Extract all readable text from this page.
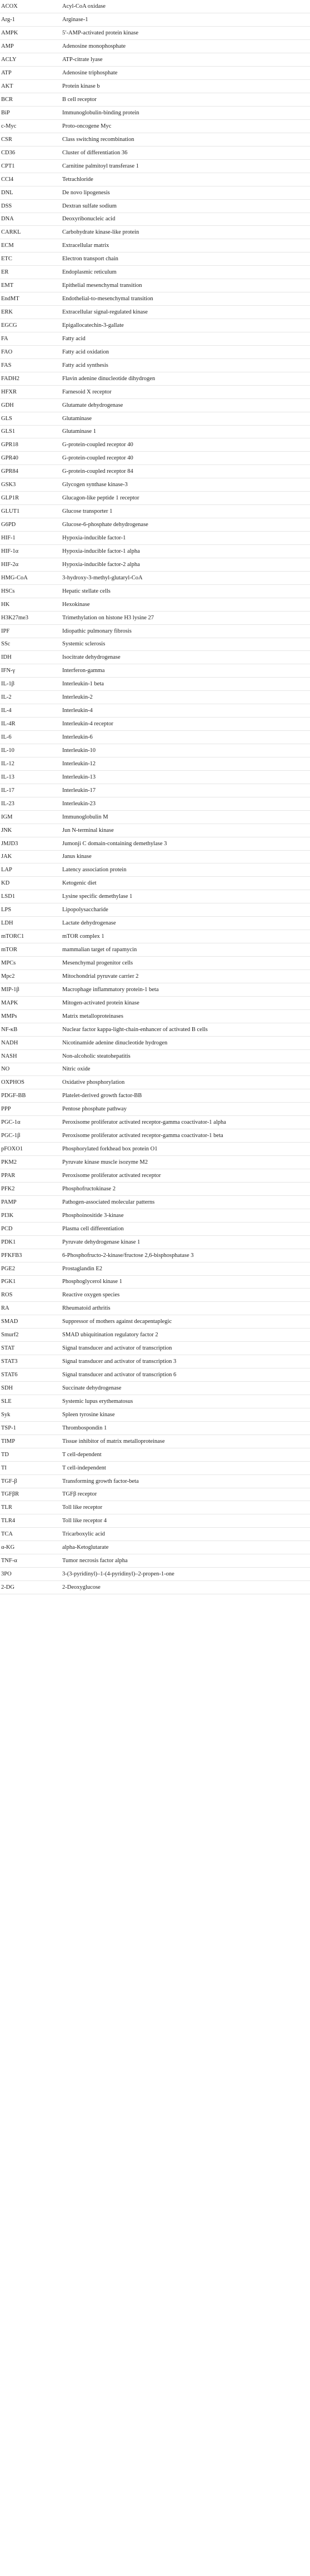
ACOX	Acyl-CoA oxidase
Arg-1	Arginase-1
AMPK	5′-AMP-activated protein kinase
AMP	Adenosine monophosphate
ACLY	ATP-citrate lyase
ATP	Adenosine triphosphate
AKT	Protein kinase b
BCR	B cell receptor
BiP	Immunoglobulin-binding protein
c-Myc	Proto-oncogene Myc
CSR	Class switching recombination
CD36	Cluster of differentiation 36
CPT1	Carnitine palmitoyl transferase 1
CCl4	Tetrachloride
DNL	De novo lipogenesis
DSS	Dextran sulfate sodium
DNA	Deoxyribonucleic acid
CARKL	Carbohydrate kinase-like protein
ECM	Extracellular matrix
ETC	Electron transport chain
ER	Endoplasmic reticulum
EMT	Epithelial mesenchymal transition
EndMT	Endothelial-to-mesenchymal transition
ERK	Extracellular signal-regulated kinase
EGCG	Epigallocatechin-3-gallate
FA	Fatty acid
FAO	Fatty acid oxidation
FAS	Fatty acid synthesis
FADH2	Flavin adenine dinucleotide dihydrogen
HFXR	Farnesoid X receptor
GDH	Glutamate dehydrogenase
GLS	Glutaminase
GLS1	Glutaminase 1
GPR18	G-protein-coupled receptor 40
GPR40	G-protein-coupled receptor 40
GPR84	G-protein-coupled receptor 84
GSK3	Glycogen synthase kinase-3
GLP1R	Glucagon-like peptide 1 receptor
GLUT1	Glucose transporter 1
G6PD	Glucose-6-phosphate dehydrogenase
HIF-1	Hypoxia-inducible factor-1
HIF-1α	Hypoxia-inducible factor-1 alpha
HIF-2α	Hypoxia-inducible factor-2 alpha
HMG-CoA	3-hydroxy-3-methyl-glutaryl-CoA
HSCs	Hepatic stellate cells
HK	Hexokinase
H3K27me3	Trimethylation on histone H3 lysine 27
IPF	Idiopathic pulmonary fibrosis
SSc	Systemic sclerosis
IDH	Isocitrate dehydrogenase
IFN-γ	Interferon-gamma
IL-1β	Interleukin-1 beta
IL-2	Interleukin-2
IL-4	Interleukin-4
IL-4R	Interleukin-4 receptor
IL-6	Interleukin-6
IL-10	Interleukin-10
IL-12	Interleukin-12
IL-13	Interleukin-13
IL-17	Interleukin-17
IL-23	Interleukin-23
IGM	Immunoglobulin M
JNK	Jun N-terminal kinase
JMJD3	Jumonji C domain-containing demethylase 3
JAK	Janus kinase
LAP	Latency association protein
KD	Ketogenic diet
LSD1	Lysine specific demethylase 1
LPS	Lipopolysaccharide
LDH	Lactate dehydrogenase
mTORC1	mTOR complex 1
mTOR	mammalian target of rapamycin
MPCs	Mesenchymal progenitor cells
Mpc2	Mitochondrial pyruvate carrier 2
MIP-1β	Macrophage inflammatory protein-1 beta
MAPK	Mitogen-activated protein kinase
MMPs	Matrix metalloproteinases
NF-κB	Nuclear factor kappa-light-chain-enhancer of activated B cells
NADH	Nicotinamide adenine dinucleotide hydrogen
NASH	Non-alcoholic steatohepatitis
NO	Nitric oxide
OXPHOS	Oxidative phosphorylation
PDGF-BB	Platelet-derived growth factor-BB
PPP	Pentose phosphate pathway
PGC-1α	Peroxisome proliferator activated receptor-gamma coactivator-1 alpha
PGC-1β	Peroxisome proliferator activated receptor-gamma coactivator-1 beta
pFOXO1	Phosphorylated forkhead box protein O1
PKM2	Pyruvate kinase muscle isozyme M2
PPAR	Peroxisome proliferator activated receptor
PFK2	Phosphofructokinase 2
PAMP	Pathogen-associated molecular patterns
PI3K	Phosphoinositide 3-kinase
PCD	Plasma cell differentiation
PDK1	Pyruvate dehydrogenase kinase 1
PFKFB3	6-Phosphofructo-2-kinase/fructose 2,6-bisphosphatase 3
PGE2	Prostaglandin E2
PGK1	Phosphoglycerol kinase 1
ROS	Reactive oxygen species
RA	Rheumatoid arthritis
SMAD	Suppressor of mothers against decapentaplegic
Smurf2	SMAD ubiquitination regulatory factor 2
STAT	Signal transducer and activator of transcription
STAT3	Signal transducer and activator of transcription 3
STAT6	Signal transducer and activator of transcription 6
SDH	Succinate dehydrogenase
SLE	Systemic lupus erythematosus
Syk	Spleen tyrosine kinase
TSP-1	Thrombospondin 1
TIMP	Tissue inhibitor of matrix metalloproteinase
TD	T cell-dependent
TI	T cell-independent
TGF-β	Transforming growth factor-beta
TGFβR	TGFβ receptor
TLR	Toll like receptor
TLR4	Toll like receptor 4
TCA	Tricarboxylic acid
α-KG	alpha-Ketoglutarate
TNF-α	Tumor necrosis factor alpha
3PO	3-(3-pyridinyl)–1-(4-pyridinyl)–2-propen-1-one
2-DG	2-Deoxyglucose
